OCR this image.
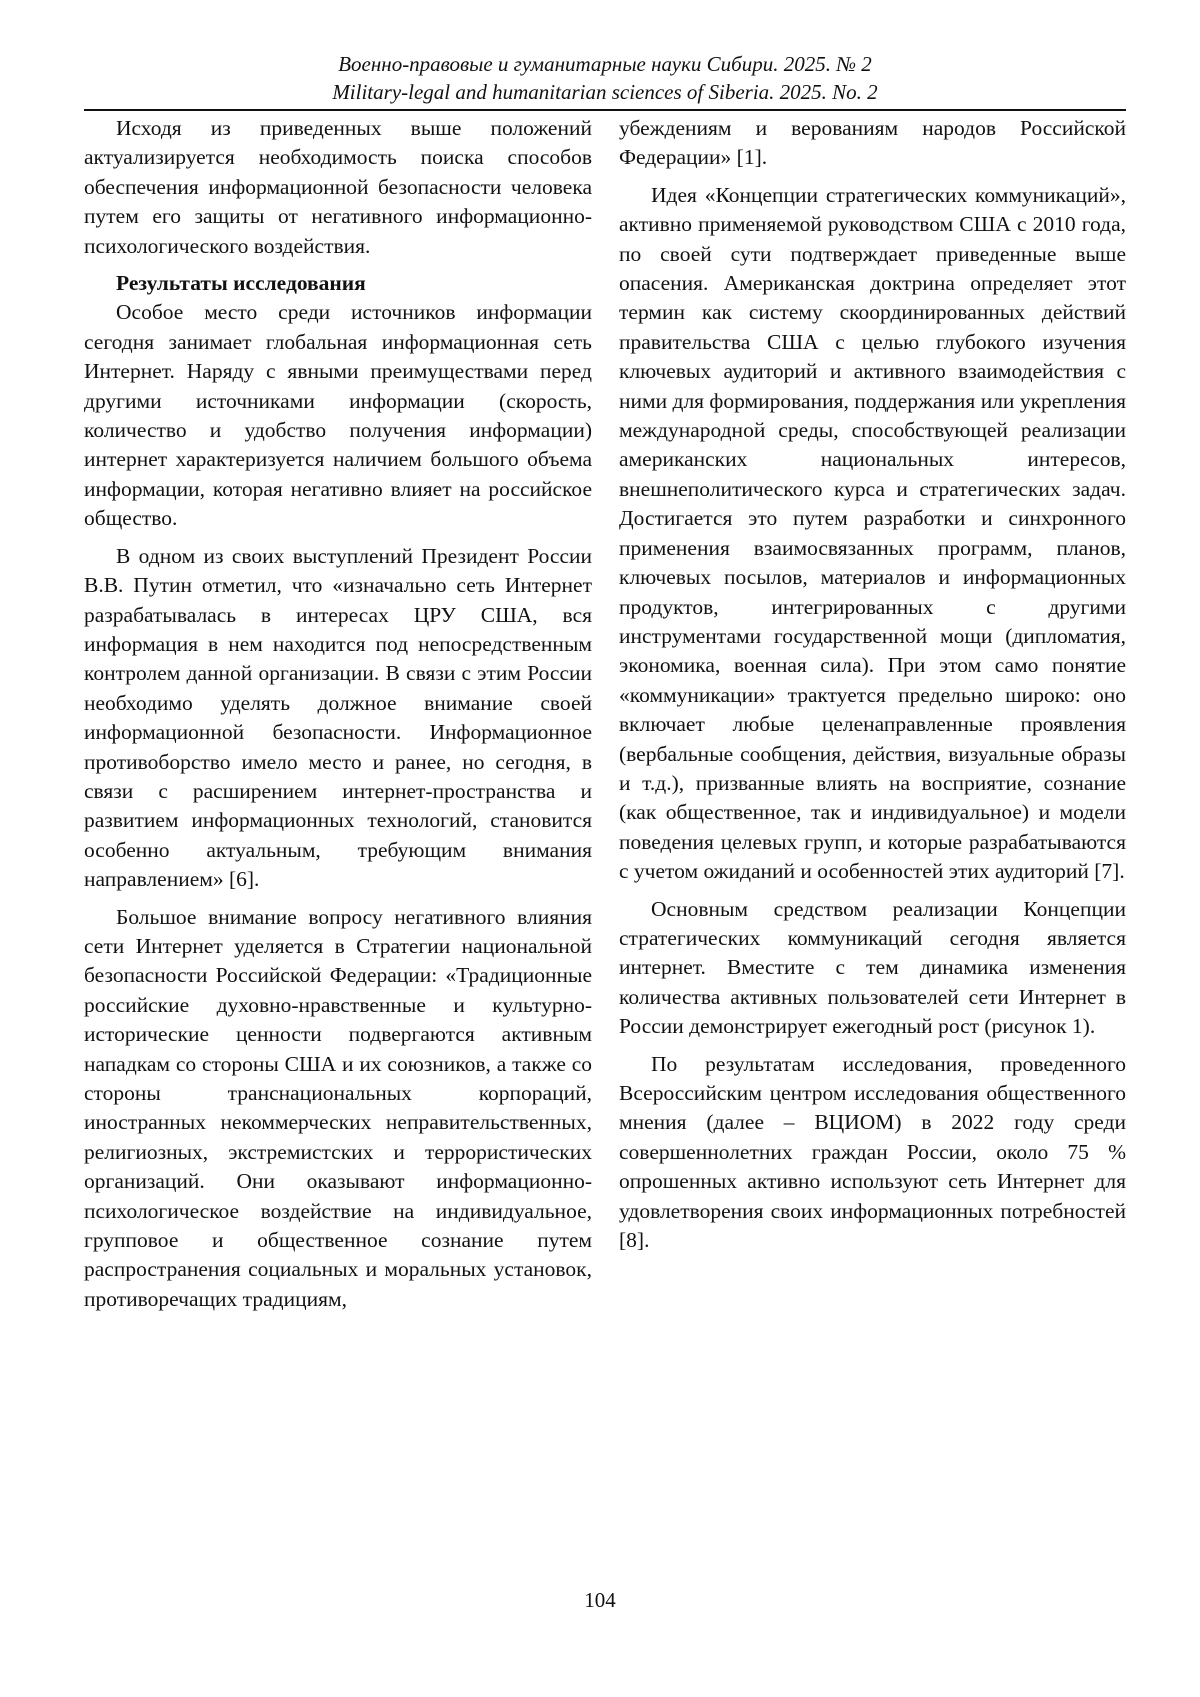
Военно-правовые и гуманитарные науки Сибири. 2025. № 2
Military-legal and humanitarian sciences of Siberia. 2025. No. 2

Исходя из приведенных выше положений актуализируется необходимость поиска способов обеспечения информационной безопасности человека путем его защиты от негативного информационно-психологического воздействия.

Результаты исследования

Особое место среди источников информации сегодня занимает глобальная информационная сеть Интернет. Наряду с явными преимуществами перед другими источниками информации (скорость, количество и удобство получения информации) интернет характеризуется наличием большого объема информации, которая негативно влияет на российское общество.

В одном из своих выступлений Президент России В.В. Путин отметил, что «изначально сеть Интернет разрабатывалась в интересах ЦРУ США, вся информация в нем находится под непосредственным контролем данной организации. В связи с этим России необходимо уделять должное внимание своей информационной безопасности. Информационное противоборство имело место и ранее, но сегодня, в связи с расширением интернет-пространства и развитием информационных технологий, становится особенно актуальным, требующим внимания направлением» [6].

Большое внимание вопросу негативного влияния сети Интернет уделяется в Стратегии национальной безопасности Российской Федерации: «Традиционные российские духовно-нравственные и культурно-исторические ценности подвергаются активным нападкам со стороны США и их союзников, а также со стороны транснациональных корпораций, иностранных некоммерческих неправительственных, религиозных, экстремистских и террористических организаций. Они оказывают информационно-психологическое воздействие на индивидуальное, групповое и общественное сознание путем распространения социальных и моральных установок, противоречащих традициям,

убеждениям и верованиям народов Российской Федерации» [1].

Идея «Концепции стратегических коммуникаций», активно применяемой руководством США с 2010 года, по своей сути подтверждает приведенные выше опасения. Американская доктрина определяет этот термин как систему скоординированных действий правительства США с целью глубокого изучения ключевых аудиторий и активного взаимодействия с ними для формирования, поддержания или укрепления международной среды, способствующей реализации американских национальных интересов, внешнеполитического курса и стратегических задач. Достигается это путем разработки и синхронного применения взаимосвязанных программ, планов, ключевых посылов, материалов и информационных продуктов, интегрированных с другими инструментами государственной мощи (дипломатия, экономика, военная сила). При этом само понятие «коммуникации» трактуется предельно широко: оно включает любые целенаправленные проявления (вербальные сообщения, действия, визуальные образы и т.д.), призванные влиять на восприятие, сознание (как общественное, так и индивидуальное) и модели поведения целевых групп, и которые разрабатываются с учетом ожиданий и особенностей этих аудиторий [7].

Основным средством реализации Концепции стратегических коммуникаций сегодня является интернет. Вместите с тем динамика изменения количества активных пользователей сети Интернет в России демонстрирует ежегодный рост (рисунок 1).

По результатам исследования, проведенного Всероссийским центром исследования общественного мнения (далее – ВЦИОМ) в 2022 году среди совершеннолетних граждан России, около 75 % опрошенных активно используют сеть Интернет для удовлетворения своих информационных потребностей [8].

104
